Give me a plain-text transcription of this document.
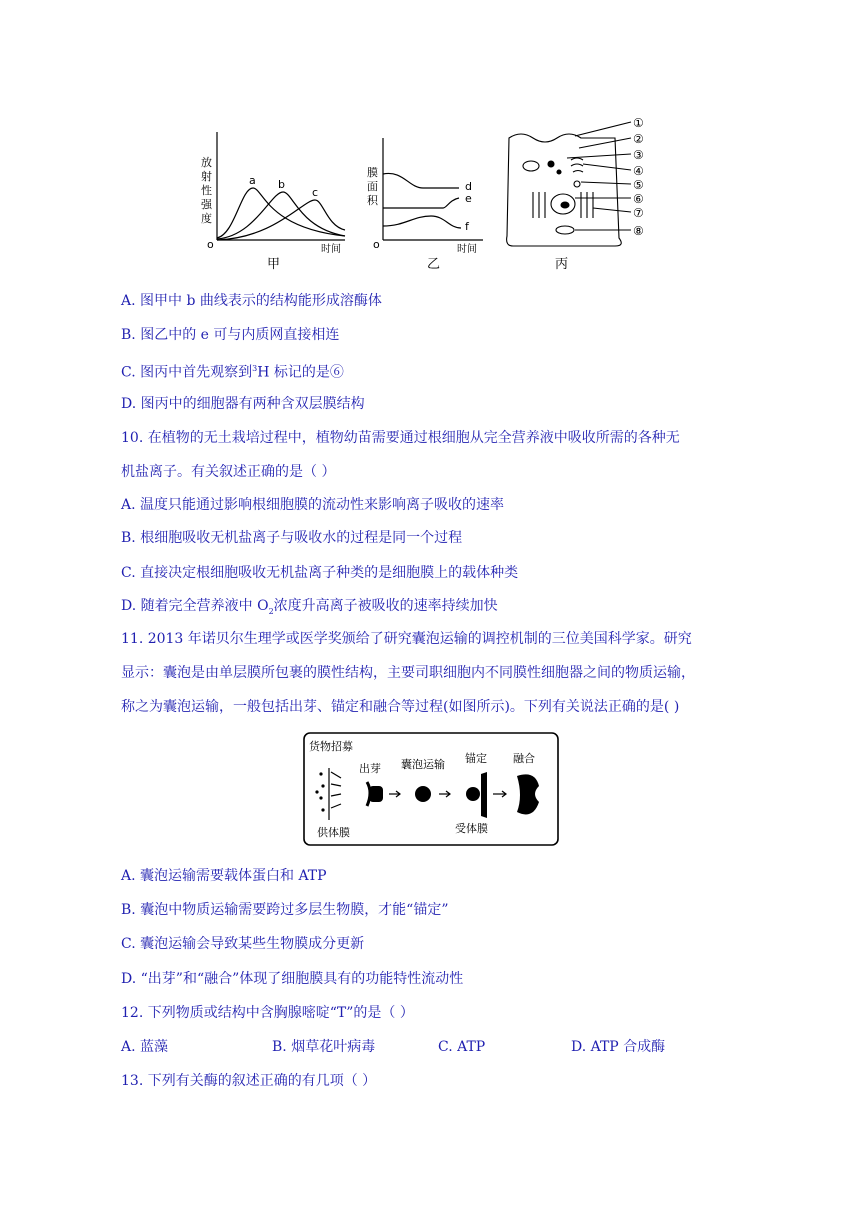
放
射
性
强
度
o
a b
c
时间
甲
膜
面
积
o
d
e
f
时间
乙
①
②
③
④
⑤
⑥
⑦
⑧
丙
A. 图甲中 b 曲线表示的结构能形成溶酶体
B. 图乙中的 e 可与内质网直接相连
C. 图丙中首先观察到$^3$H 标记的是⑥
D. 图丙中的细胞器有两种含双层膜结构
10. 在植物的无土栽培过程中，植物幼苗需要通过根细胞从完全营养液中吸收所需的各种无
机盐离子。有关叙述正确的是（ ）
A. 温度只能通过影响根细胞膜的流动性来影响离子吸收的速率
B. 根细胞吸收无机盐离子与吸收水的过程是同一个过程
C. 直接决定根细胞吸收无机盐离子种类的是细胞膜上的载体种类
D. 随着完全营养液中 $O_2$浓度升高离子被吸收的速率持续加快
11. 2013 年诺贝尔生理学或医学奖颁给了研究囊泡运输的调控机制的三位美国科学家。研究
显示：囊泡是由单层膜所包裹的膜性结构，主要司职细胞内不同膜性细胞器之间的物质运输，
称之为囊泡运输，一般包括出芽、锚定和融合等过程(如图所示)。下列有关说法正确的是( )
货物招募
出芽 囊泡运输 锚定 融合
供体膜	受体膜
A. 囊泡运输需要载体蛋白和 ATP
B. 囊泡中物质运输需要跨过多层生物膜，才能“锚定”
C. 囊泡运输会导致某些生物膜成分更新
D. “出芽”和“融合”体现了细胞膜具有的功能特性流动性
12. 下列物质或结构中含胸腺嘧啶“T”的是（ ）
A. 蓝藻	B. 烟草花叶病毒	C. ATP	D. ATP 合成酶
13. 下列有关酶的叙述正确的有几项（ ）
